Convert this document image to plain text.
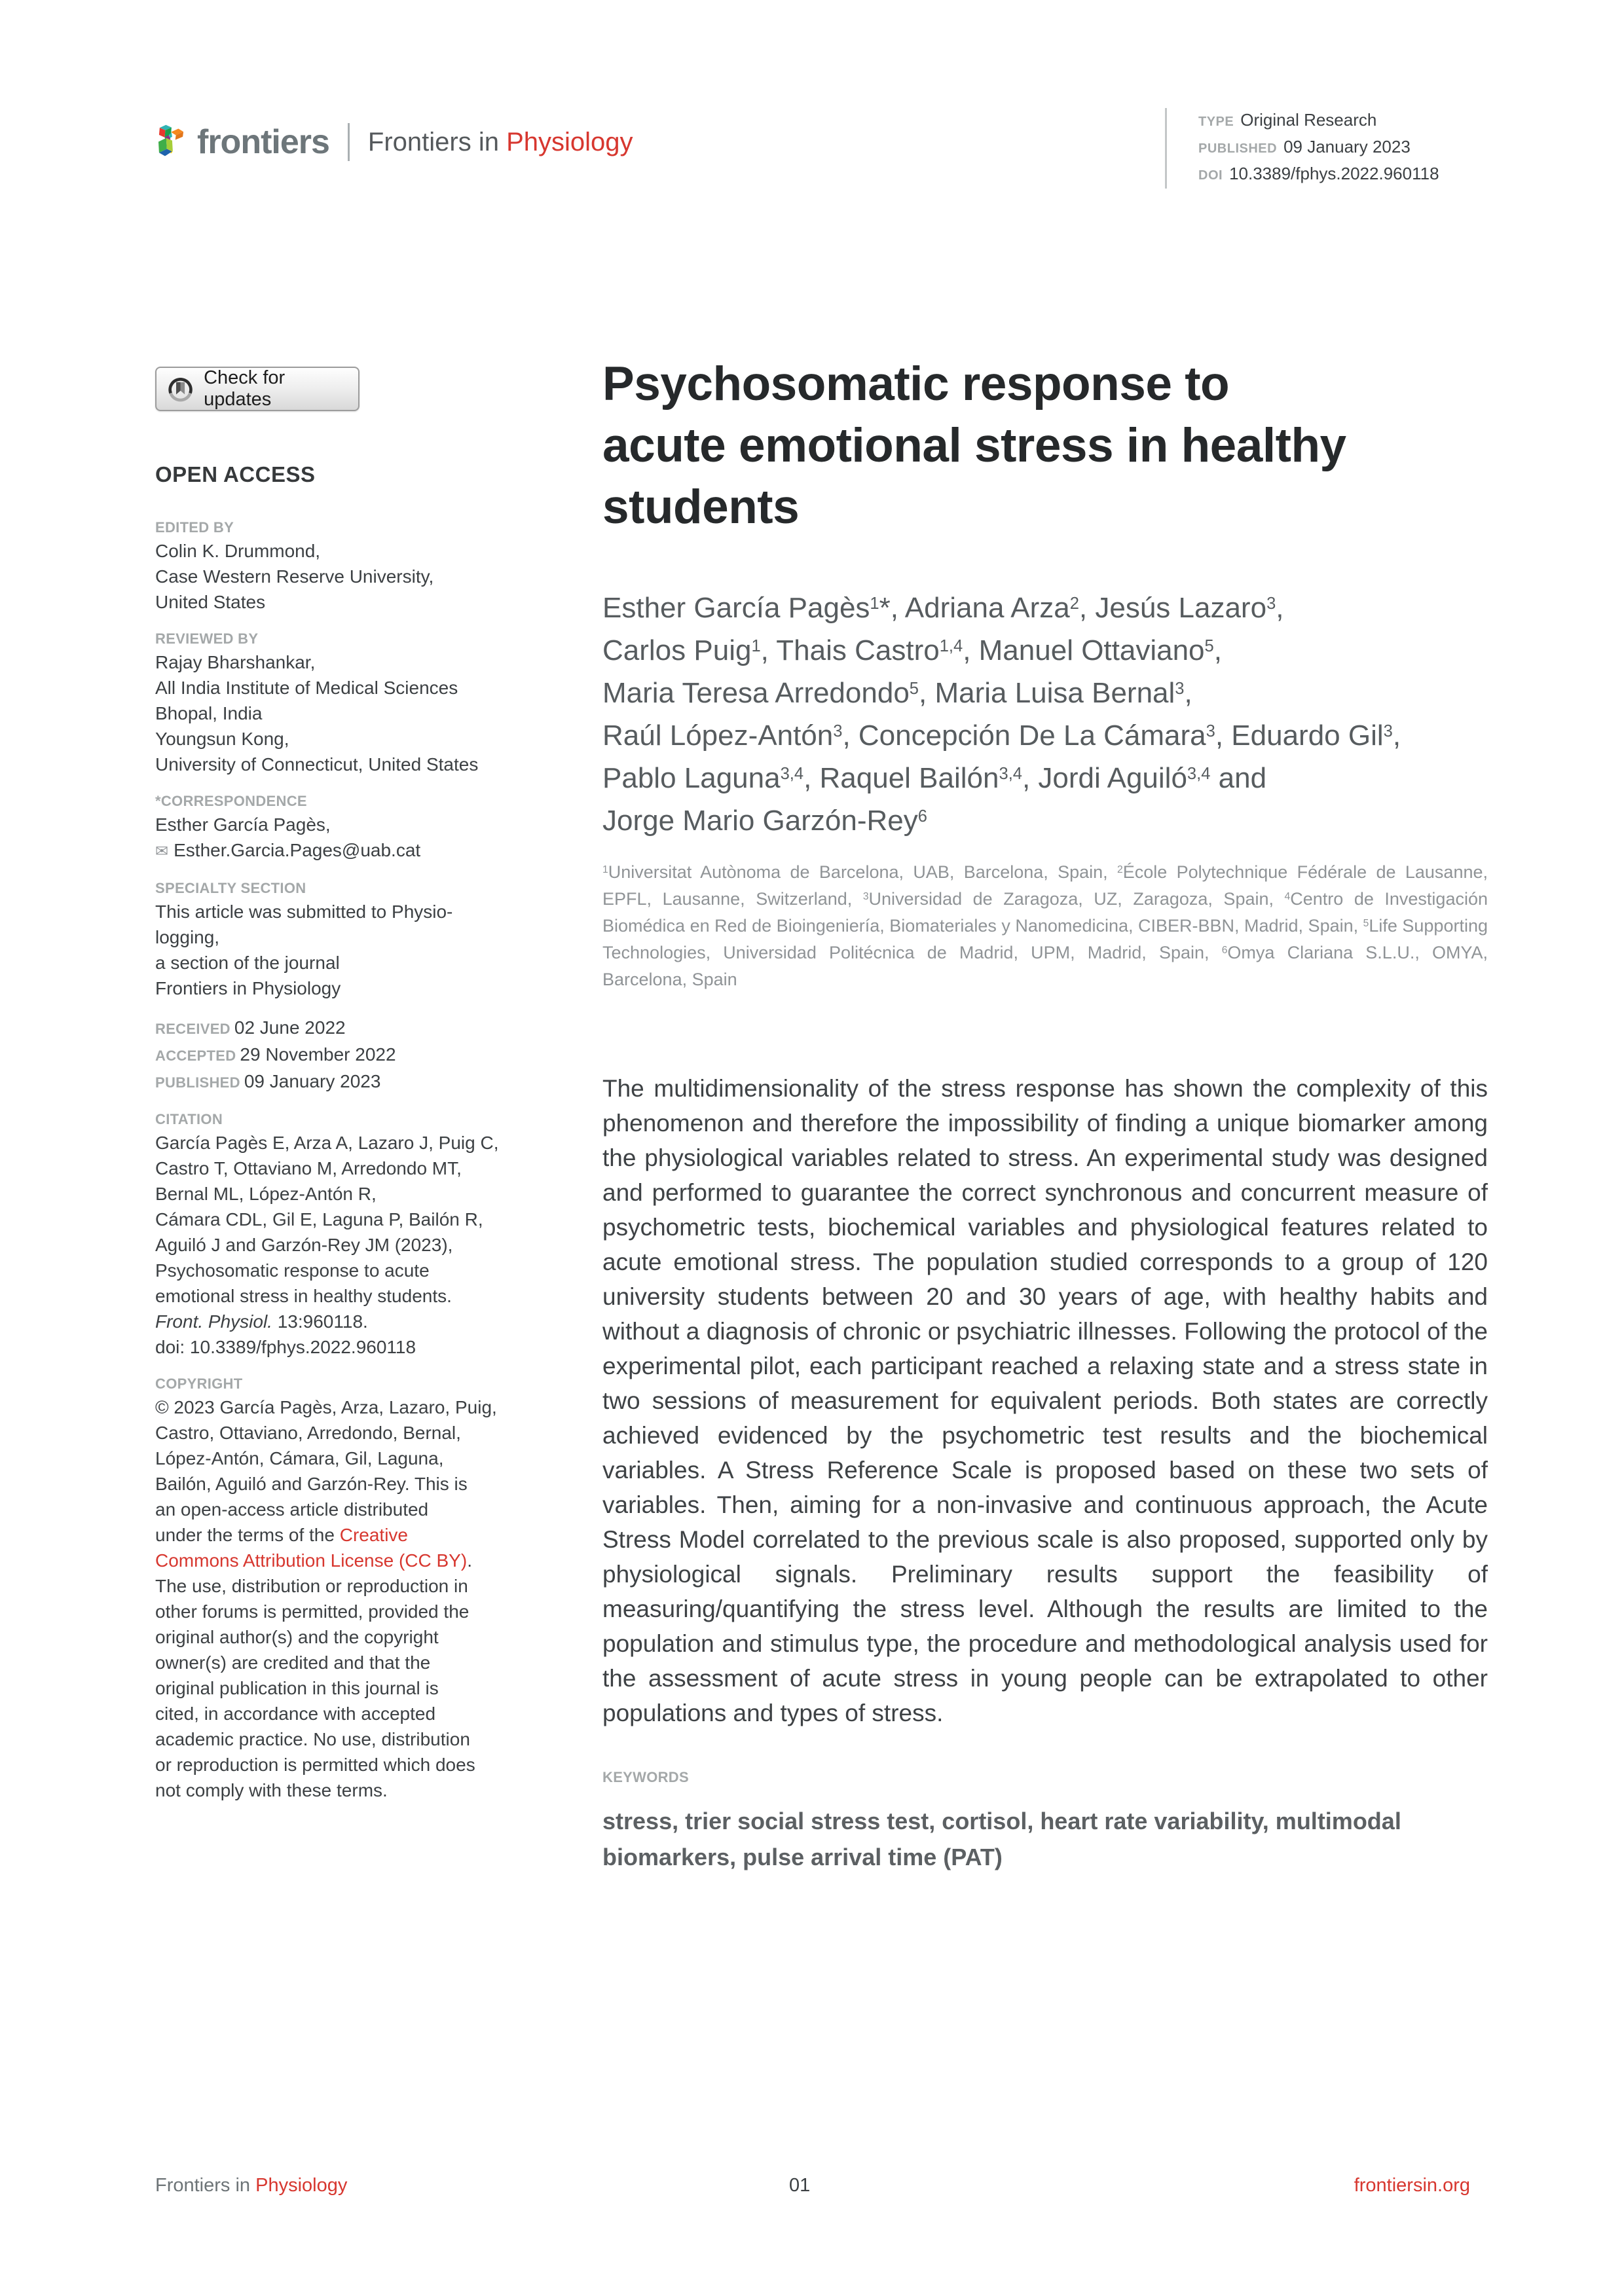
frontiers Frontiers in Physiology
TYPE Original Research
PUBLISHED 09 January 2023
DOI 10.3389/fphys.2022.960118
Check for updates
OPEN ACCESS
EDITED BY
Colin K. Drummond,
Case Western Reserve University,
United States
REVIEWED BY
Rajay Bharshankar,
All India Institute of Medical Sciences
Bhopal, India
Youngsun Kong,
University of Connecticut, United States
*CORRESPONDENCE
Esther García Pagès,
✉ Esther.Garcia.Pages@uab.cat
SPECIALTY SECTION
This article was submitted to Physio-
logging,
a section of the journal
Frontiers in Physiology
RECEIVED 02 June 2022
ACCEPTED 29 November 2022
PUBLISHED 09 January 2023
CITATION
García Pagès E, Arza A, Lazaro J, Puig C,
Castro T, Ottaviano M, Arredondo MT,
Bernal ML, López-Antón R,
Cámara CDL, Gil E, Laguna P, Bailón R,
Aguiló J and Garzón-Rey JM (2023),
Psychosomatic response to acute
emotional stress in healthy students.
Front. Physiol. 13:960118.
doi: 10.3389/fphys.2022.960118
COPYRIGHT
© 2023 García Pagès, Arza, Lazaro, Puig,
Castro, Ottaviano, Arredondo, Bernal,
López-Antón, Cámara, Gil, Laguna,
Bailón, Aguiló and Garzón-Rey. This is
an open-access article distributed
under the terms of the Creative
Commons Attribution License (CC BY).
The use, distribution or reproduction in
other forums is permitted, provided the
original author(s) and the copyright
owner(s) are credited and that the
original publication in this journal is
cited, in accordance with accepted
academic practice. No use, distribution
or reproduction is permitted which does
not comply with these terms.
Psychosomatic response to
acute emotional stress in healthy
students
Esther García Pagès$^1$*, Adriana Arza$^2$, Jesús Lazaro$^3$,
Carlos Puig$^1$, Thais Castro$^{1,4}$, Manuel Ottaviano$^5$,
Maria Teresa Arredondo$^5$, Maria Luisa Bernal$^3$,
Raúl López-Antón$^3$, Concepción De La Cámara$^3$, Eduardo Gil$^3$,
Pablo Laguna$^{3,4}$, Raquel Bailón$^{3,4}$, Jordi Aguiló$^{3,4}$ and
Jorge Mario Garzón-Rey$^6$
$^1$Universitat Autònoma de Barcelona, UAB, Barcelona, Spain, $^2$École Polytechnique Fédérale de Lausanne, EPFL, Lausanne, Switzerland, $^3$Universidad de Zaragoza, UZ, Zaragoza, Spain, $^4$Centro de Investigación Biomédica en Red de Bioingeniería, Biomateriales y Nanomedicina, CIBER-BBN, Madrid, Spain, $^5$Life Supporting Technologies, Universidad Politécnica de Madrid, UPM, Madrid, Spain, $^6$Omya Clariana S.L.U., OMYA, Barcelona, Spain

The multidimensionality of the stress response has shown the complexity of this phenomenon and therefore the impossibility of finding a unique biomarker among the physiological variables related to stress. An experimental study was designed and performed to guarantee the correct synchronous and concurrent measure of psychometric tests, biochemical variables and physiological features related to acute emotional stress. The population studied corresponds to a group of 120 university students between 20 and 30 years of age, with healthy habits and without a diagnosis of chronic or psychiatric illnesses. Following the protocol of the experimental pilot, each participant reached a relaxing state and a stress state in two sessions of measurement for equivalent periods. Both states are correctly achieved evidenced by the psychometric test results and the biochemical variables. A Stress Reference Scale is proposed based on these two sets of variables. Then, aiming for a non-invasive and continuous approach, the Acute Stress Model correlated to the previous scale is also proposed, supported only by physiological signals. Preliminary results support the feasibility of measuring/quantifying the stress level. Although the results are limited to the population and stimulus type, the procedure and methodological analysis used for the assessment of acute stress in young people can be extrapolated to other populations and types of stress.

KEYWORDS
stress, trier social stress test, cortisol, heart rate variability, multimodal biomarkers, pulse arrival time (PAT)
Frontiers in Physiology	01	frontiersin.org
